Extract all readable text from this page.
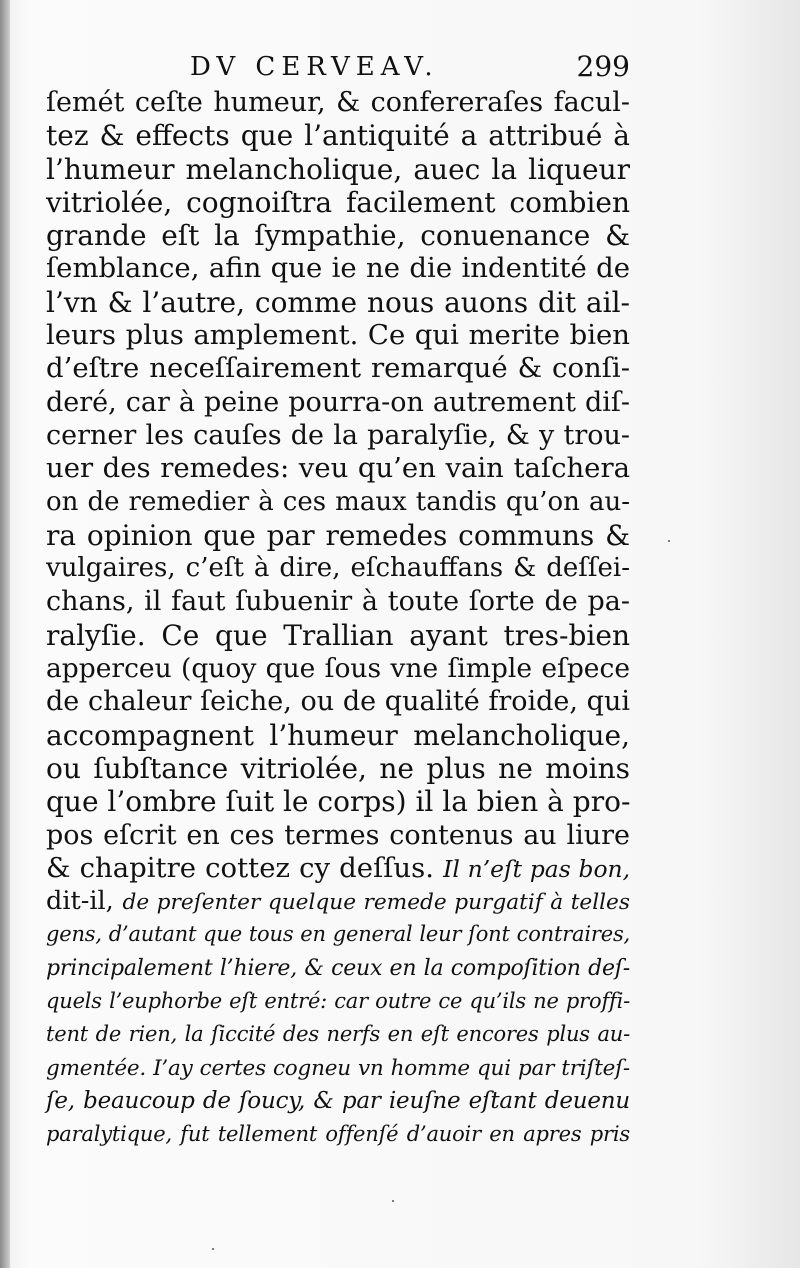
DV CERVEAV.	299
ſemét ceſte humeur, & confereraſes facul-
tez & effects que l’antiquité a attribué à
l’humeur melancholique, auec la liqueur
vitriolée, cognoiſtra facilement combien
grande eſt la ſympathie, conuenance &
ſemblance, afin que ie ne die indentité de
l’vn & l’autre, comme nous auons dit ail-
leurs plus amplement. Ce qui merite bien
d’eſtre neceſſairement remarqué & conſi-
deré, car à peine pourra-on autrement diſ-
cerner les cauſes de la paralyſie, & y trou-
uer des remedes: veu qu’en vain taſchera
on de remedier à ces maux tandis qu’on au-
ra opinion que par remedes communs &
vulgaires, c’eſt à dire, eſchauffans & deſſei-
chans, il faut ſubuenir à toute ſorte de pa-
ralyſie. Ce que Trallian ayant tres-bien
apperceu (quoy que ſous vne ſimple eſpece
de chaleur ſeiche, ou de qualité froide, qui
accompagnent l’humeur melancholique,
ou ſubſtance vitriolée, ne plus ne moins
que l’ombre ſuit le corps) il la bien à pro-
pos eſcrit en ces termes contenus au liure
& chapitre cottez cy deſſus. Il n’eſt pas bon,
dit-il, de preſenter quelque remede purgatif à telles
gens, d’autant que tous en general leur ſont contraires,
principalement l’hiere, & ceux en la compoſition deſ-
quels l’euphorbe eſt entré: car outre ce qu’ils ne proffi-
tent de rien, la ſiccité des nerfs en eſt encores plus au-
gmentée. I’ay certes cogneu vn homme qui par triſteſ-
ſe, beaucoup de ſoucy, & par ieuſne eſtant deuenu
paralytique, fut tellement offenſé d’auoir en apres pris
